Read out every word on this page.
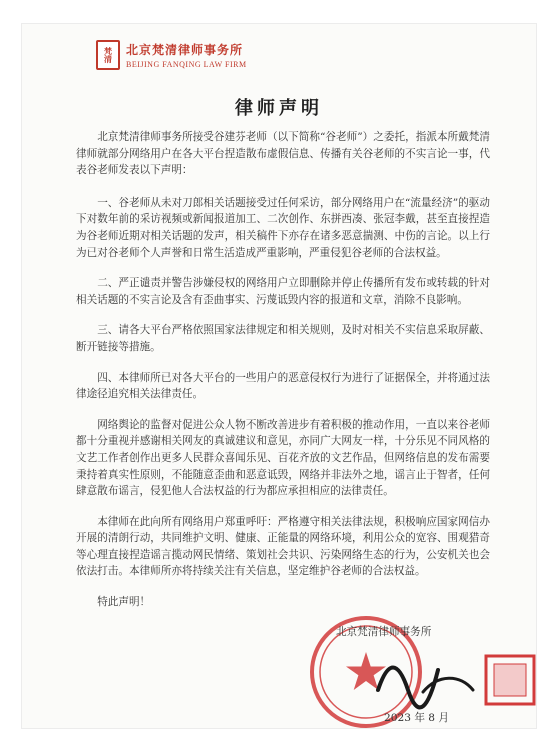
梵清 北京梵清律师事务所
BEIJING FANQING LAW FIRM
律师声明

北京梵清律师事务所接受谷建芬老师（以下简称“谷老师”）之委托，指派本所戴梵清律师就部分网络用户在各大平台捏造散布虚假信息、传播有关谷老师的不实言论一事，代表谷老师发表以下声明：

一、谷老师从未对刀郎相关话题接受过任何采访，部分网络用户在“流量经济”的驱动下对数年前的采访视频或新闻报道加工、二次创作、东拼西凑、张冠李戴，甚至直接捏造为谷老师近期对相关话题的发声，相关稿件下亦存在诸多恶意揣测、中伤的言论。以上行为已对谷老师个人声誉和日常生活造成严重影响，严重侵犯谷老师的合法权益。

二、严正谴责并警告涉嫌侵权的网络用户立即删除并停止传播所有发布或转载的针对相关话题的不实言论及含有歪曲事实、污蔑诋毁内容的报道和文章，消除不良影响。

三、请各大平台严格依照国家法律规定和相关规则，及时对相关不实信息采取屏蔽、断开链接等措施。

四、本律师所已对各大平台的一些用户的恶意侵权行为进行了证据保全，并将通过法律途径追究相关法律责任。

网络舆论的监督对促进公众人物不断改善进步有着积极的推动作用，一直以来谷老师都十分重视并感谢相关网友的真诚建议和意见，亦同广大网友一样，十分乐见不同风格的文艺工作者创作出更多人民群众喜闻乐见、百花齐放的文艺作品，但网络信息的发布需要秉持着真实性原则，不能随意歪曲和恶意诋毁，网络并非法外之地，谣言止于智者，任何肆意散布谣言，侵犯他人合法权益的行为都应承担相应的法律责任。

本律师在此向所有网络用户郑重呼吁：严格遵守相关法律法规，积极响应国家网信办开展的清朗行动，共同维护文明、健康、正能量的网络环境，利用公众的宽容、围观猎奇等心理直接捏造谣言揽动网民情绪、策划社会共识、污染网络生态的行为，公安机关也会依法打击。本律师所亦将持续关注有关信息，坚定维护谷老师的合法权益。

特此声明！

北京梵清律师事务所
2023 年 8 月
